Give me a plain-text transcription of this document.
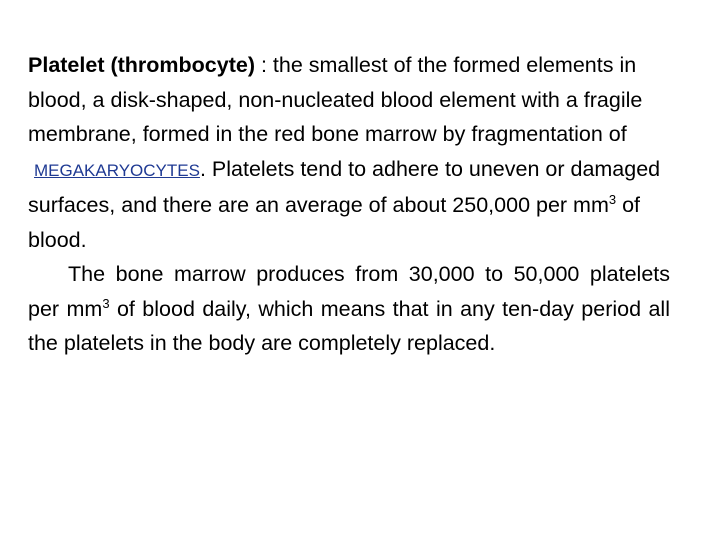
Platelet (thrombocyte) : the smallest of the formed elements in blood, a disk-shaped, non-nucleated blood element with a fragile membrane, formed in the red bone marrow by fragmentation of MEGAKARYOCYTES. Platelets tend to adhere to uneven or damaged surfaces, and there are an average of about 250,000 per $mm^3$ of blood.

The bone marrow produces from 30,000 to 50,000 platelets per $mm^3$ of blood daily, which means that in any ten-day period all the platelets in the body are completely replaced.
